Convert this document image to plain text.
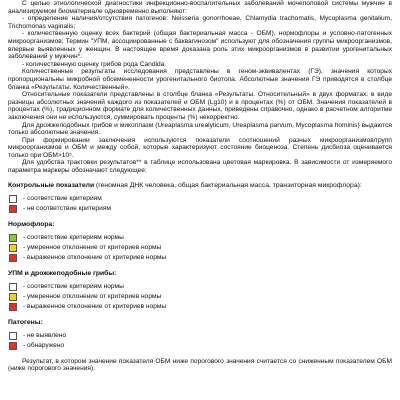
С целью этиологической диагностики инфекционно-воспалительных заболеваний мочеполовой системы мужчин в анализируемом биоматериале одновременно выполняют:

- определение наличия/отсутствия патогенов: Neisseria gonorrhoeae, Chlamydia trachomatis, Mycoplasma genitalium, Trichomonas vaginalis;

- количественную оценку всех бактерий (общая бактериальная масса - ОБМ), нормофлоры и условно-патогенных микроорганизмов; Термин "УПМ, ассоциированные с баквагинозом" используют для обозначения группы микроорганизмов, впервые выявленных у женщин. В настоящее время доказана роль этих микроорганизмов в развитии урогенитальных заболеваний у мужчин*.

- количественную оценку грибов рода Candida.

Количественные результаты исследования представлены в геном-эквивалентах (ГЭ), значения которых пропорциональны микробной обсемененности урогенитального биотопа. Абсолютные значения ГЭ приводятся в столбце бланка «Результаты. Количественный».

Относительные показатели представлены в столбце бланка «Результаты. Относительный» в двух форматах: в виде разницы абсолютных значений каждого из показателей и ОБМ (Lg10) и в процентах (%) от ОБМ. Значения показателей в процентах (%), традиционном формате для количественных данных, приведены справочно, однако в расчетном алгоритме заключения они не используются, суммировать проценты (%) некорректно.

Для дрожжеподобных грибов и микоплазм (Ureaplasma urealyticum, Ureaplasma parvum, Mycoplasma hominis) выдаются только абсолютные значения.

При формировании заключения используются показатели соотношений разных микроорганизмов/групп микроорганизмов и ОБМ и между собой, которые характеризуют состояние биоценоза. Степень дисбиоза оценивается только при ОБМ>10⁵.

Для удобства трактовки результатов** в таблице использована цветовая маркировка. В зависимости от измеряемого параметра маркеры обозначают следующее:

Контрольные показатели (геномная ДНК человека, общая бактериальная масса, транзиторная микрофлора):
- соответствие критериям
- не соответствие критериям
Нормофлора:
- соответствие критериям нормы
- умеренное отклонение от критериев нормы
- выраженное отклонение от критериев нормы
УПМ и дрожжеподобные грибы:
- соответствие критериям нормы
- умеренное отклонение от критериев нормы
- выраженное отклонение от критериев нормы
Патогены:
- не выявлено
- обнаружено
Результат, в котором значение показателя ОБМ ниже порогового значения считается со сниженным показателем ОБМ (ниже порогового значения).
